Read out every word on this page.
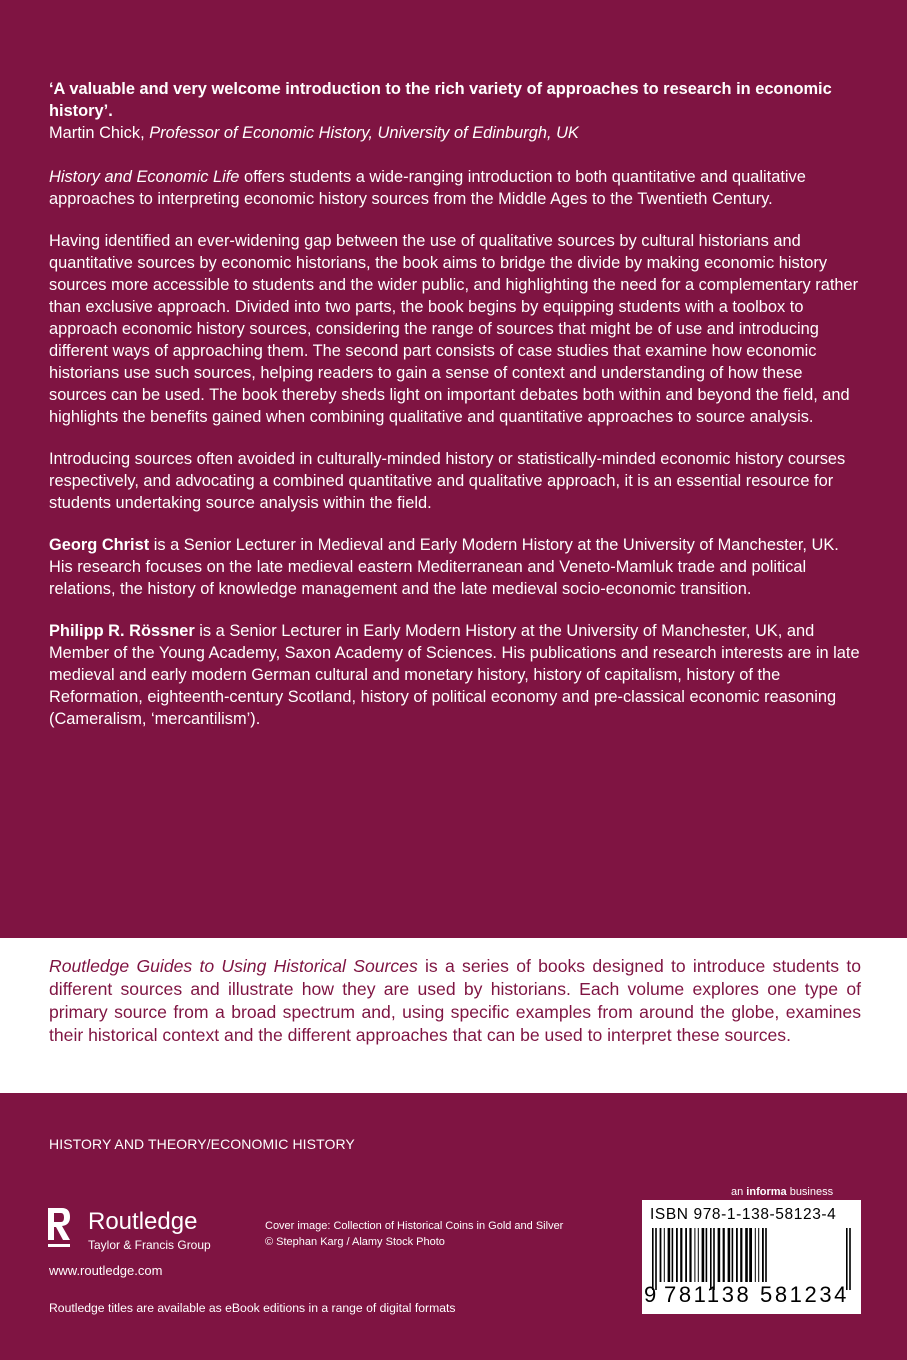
‘A valuable and very welcome introduction to the rich variety of approaches to research in economic history’.

Martin Chick, Professor of Economic History, University of Edinburgh, UK

History and Economic Life offers students a wide-ranging introduction to both quantitative and qualitative approaches to interpreting economic history sources from the Middle Ages to the Twentieth Century.

Having identified an ever-widening gap between the use of qualitative sources by cultural historians and quantitative sources by economic historians, the book aims to bridge the divide by making economic history sources more accessible to students and the wider public, and highlighting the need for a complementary rather than exclusive approach. Divided into two parts, the book begins by equipping students with a toolbox to approach economic history sources, considering the range of sources that might be of use and introducing different ways of approaching them. The second part consists of case studies that examine how economic historians use such sources, helping readers to gain a sense of context and understanding of how these sources can be used. The book thereby sheds light on important debates both within and beyond the field, and highlights the benefits gained when combining qualitative and quantitative approaches to source analysis.

Introducing sources often avoided in culturally-minded history or statistically-minded economic history courses respectively, and advocating a combined quantitative and qualitative approach, it is an essential resource for students undertaking source analysis within the field.

Georg Christ is a Senior Lecturer in Medieval and Early Modern History at the University of Manchester, UK. His research focuses on the late medieval eastern Mediterranean and Veneto-Mamluk trade and political relations, the history of knowledge management and the late medieval socio-economic transition.

Philipp R. Rössner is a Senior Lecturer in Early Modern History at the University of Manchester, UK, and Member of the Young Academy, Saxon Academy of Sciences. His publications and research interests are in late medieval and early modern German cultural and monetary history, history of capitalism, history of the Reformation, eighteenth-century Scotland, history of political economy and pre-classical economic reasoning (Cameralism, ‘mercantilism’).

Routledge Guides to Using Historical Sources is a series of books designed to introduce students to different sources and illustrate how they are used by historians. Each volume explores one type of primary source from a broad spectrum and, using specific examples from around the globe, examines their historical context and the different approaches that can be used to interpret these sources.

HISTORY AND THEORY/ECONOMIC HISTORY
Routledge
Taylor & Francis Group
www.routledge.com
Cover image: Collection of Historical Coins in Gold and Silver
© Stephan Karg / Alamy Stock Photo
Routledge titles are available as eBook editions in a range of digital formats
an informa business
ISBN 978-1-138-58123-4
9 781138 581234
